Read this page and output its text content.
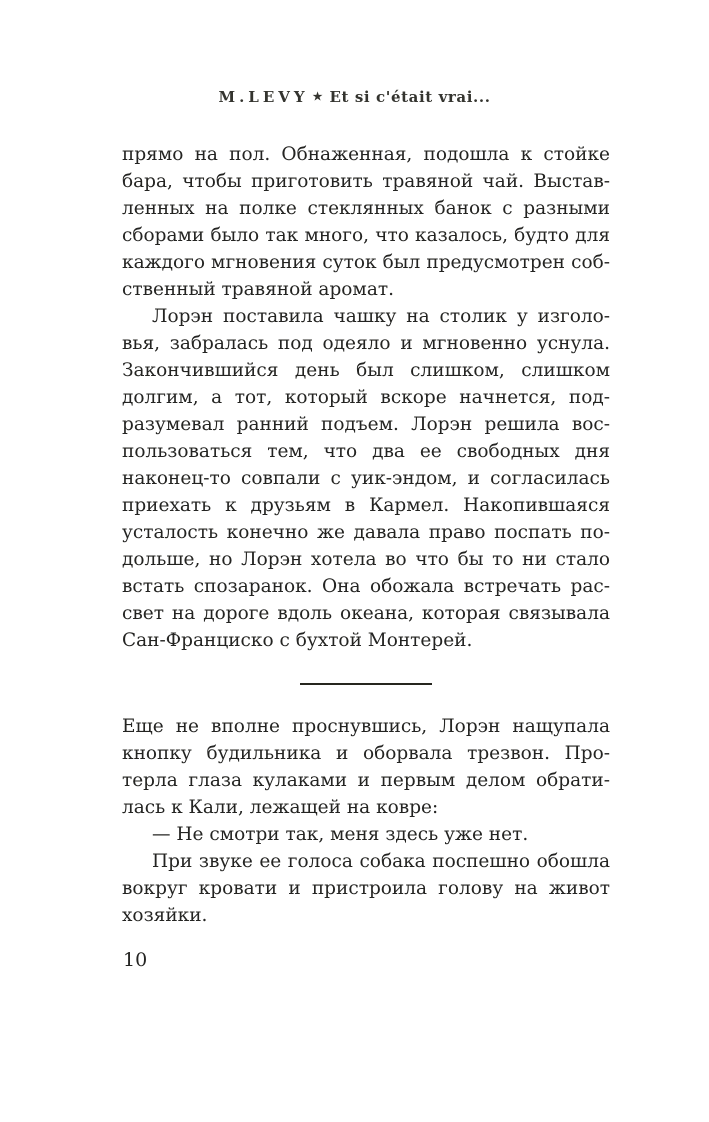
M.LEVY ★ Et si c'était vrai...

прямо на пол. Обнаженная, подошла к стойке
бара, чтобы приготовить травяной чай. Выстав-
ленных на полке стеклянных банок с разными
сборами было так много, что казалось, будто для
каждого мгновения суток был предусмотрен соб-
ственный травяной аромат.

Лорэн поставила чашку на столик у изголо-
вья, забралась под одеяло и мгновенно уснула.
Закончившийся день был слишком, слишком
долгим, а тот, который вскоре начнется, под-
разумевал ранний подъем. Лорэн решила вос-
пользоваться тем, что два ее свободных дня
наконец-то совпали с уик-эндом, и согласилась
приехать к друзьям в Кармел. Накопившаяся
усталость конечно же давала право поспать по-
дольше, но Лорэн хотела во что бы то ни стало
встать спозаранок. Она обожала встречать рас-
свет на дороге вдоль океана, которая связывала
Сан-Франциско с бухтой Монтерей.

Еще не вполне проснувшись, Лорэн нащупала
кнопку будильника и оборвала трезвон. Про-
терла глаза кулаками и первым делом обрати-
лась к Кали, лежащей на ковре:

— Не смотри так, меня здесь уже нет.

При звуке ее голоса собака поспешно обошла
вокруг кровати и пристроила голову на живот
хозяйки.

10
